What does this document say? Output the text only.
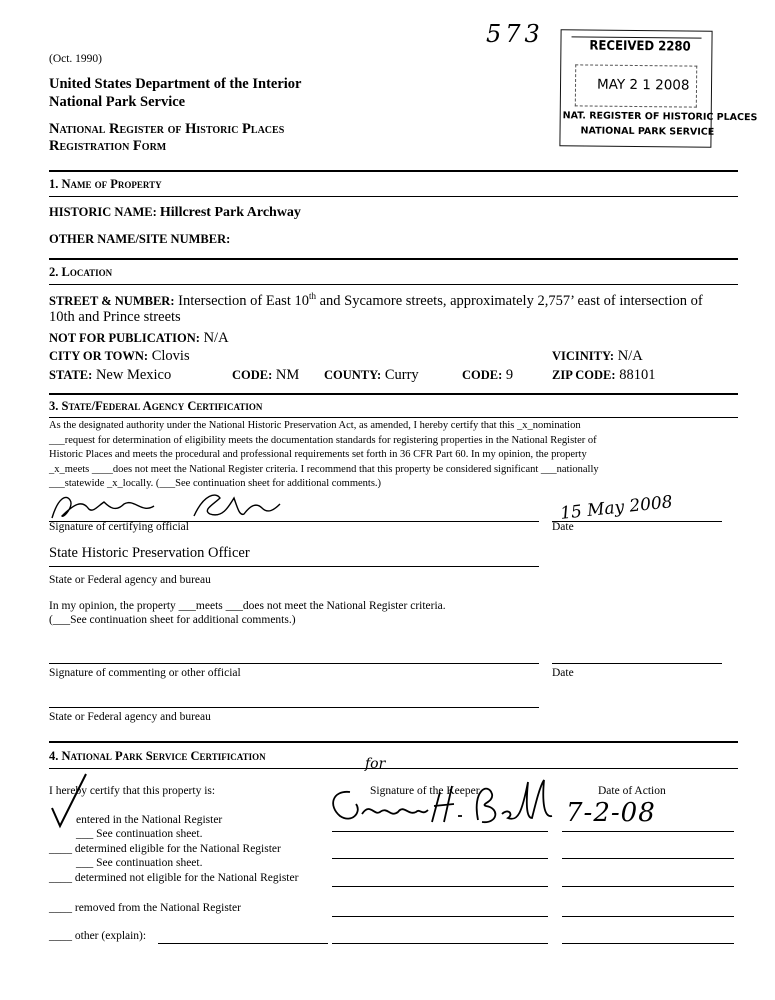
(Oct. 1990)
United States Department of the Interior
National Park Service
National Register of Historic Places
Registration Form
573	RECEIVED 2280
MAY 2 1 2008
NAT. REGISTER OF HISTORIC PLACES
NATIONAL PARK SERVICE
1. Name of Property
HISTORIC NAME: Hillcrest Park Archway
OTHER NAME/SITE NUMBER:
2. Location
STREET & NUMBER: Intersection of East 10th and Sycamore streets, approximately 2,757’ east of intersection of
10th and Prince streets
NOT FOR PUBLICATION: N/A
CITY OR TOWN: Clovis	VICINITY: N/A
STATE: New Mexico	CODE: NM COUNTY: Curry	CODE: 9	ZIP CODE: 88101
3. State/Federal Agency Certification
As the designated authority under the National Historic Preservation Act, as amended, I hereby certify that this _x_nomination
___request for determination of eligibility meets the documentation standards for registering properties in the National Register of
Historic Places and meets the procedural and professional requirements set forth in 36 CFR Part 60. In my opinion, the property
_x_meets ____does not meet the National Register criteria. I recommend that this property be considered significant ___nationally
___statewide _x_locally. (___See continuation sheet for additional comments.)
Signature of certifying official	Date
15 May 2008
State Historic Preservation Officer
State or Federal agency and bureau
In my opinion, the property ___meets ___does not meet the National Register criteria.
(___See continuation sheet for additional comments.)
Signature of commenting or other official	Date
State or Federal agency and bureau
4. National Park Service Certification
I hereby certify that this property is:	Signature of the Keeper	Date of Action
for
7-2-08
entered in the National Register
___ See continuation sheet.
____ determined eligible for the National Register
___ See continuation sheet.
____ determined not eligible for the National Register
____ removed from the National Register
____ other (explain):
